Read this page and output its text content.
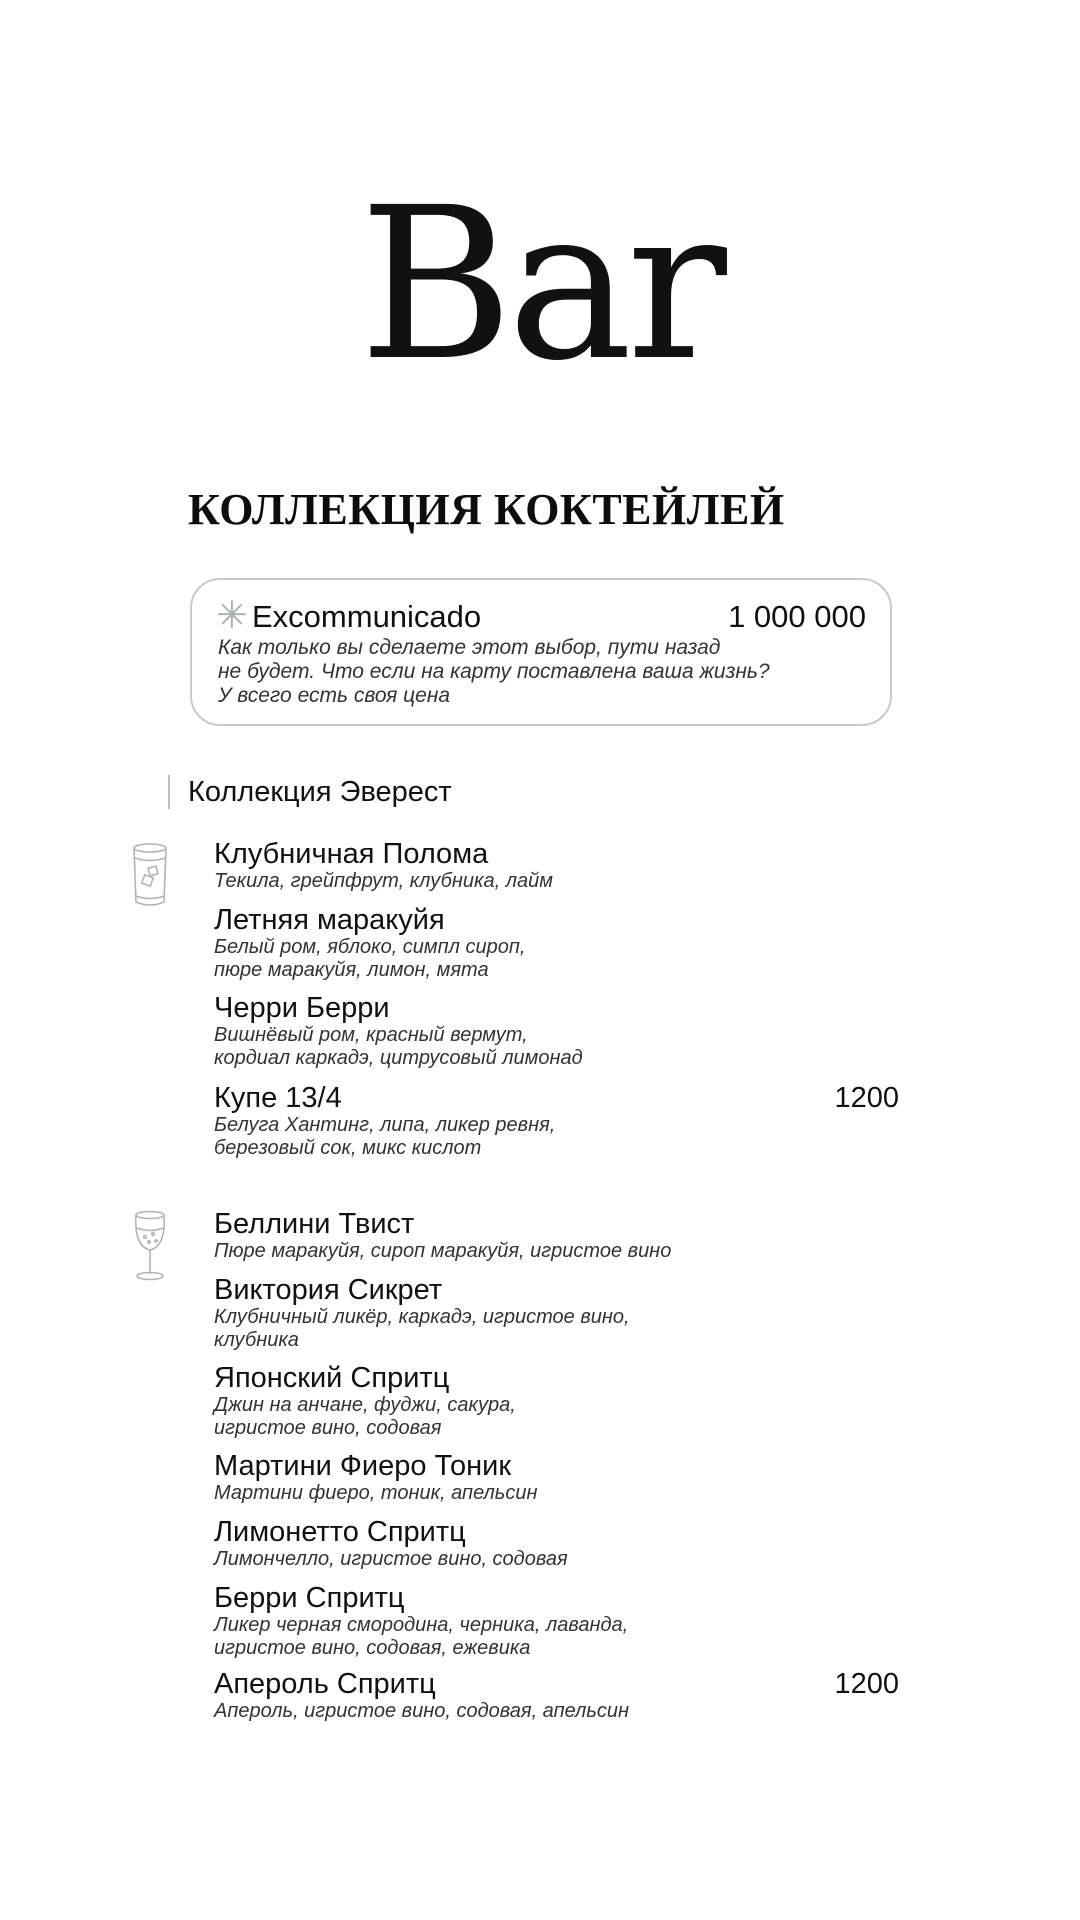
Bar
КОЛЛЕКЦИЯ КОКТЕЙЛЕЙ
✳ Excommunicado	1 000 000
Как только вы сделаете этот выбор, пути назад
не будет. Что если на карту поставлена ваша жизнь?
У всего есть своя цена
Коллекция Эверест
Клубничная Полома
Текила, грейпфрут, клубника, лайм
Летняя маракуйя
Белый ром, яблоко, симпл сироп,
пюре маракуйя, лимон, мята
Черри Берри
Вишнёвый ром, красный вермут,
кордиал каркадэ, цитрусовый лимонад
Купе 13/4	1200
Белуга Хантинг, липа, ликер ревня,
березовый сок, микс кислот
Беллини Твист
Пюре маракуйя, сироп маракуйя, игристое вино
Виктория Сикрет
Клубничный ликёр, каркадэ, игристое вино,
клубника
Японский Спритц
Джин на анчане, фуджи, сакура,
игристое вино, содовая
Мартини Фиеро Тоник
Мартини фиеро, тоник, апельсин
Лимонетто Спритц
Лимончелло, игристое вино, содовая
Берри Спритц
Ликер черная смородина, черника, лаванда,
игристое вино, содовая, ежевика
Апероль Спритц	1200
Апероль, игристое вино, содовая, апельсин
